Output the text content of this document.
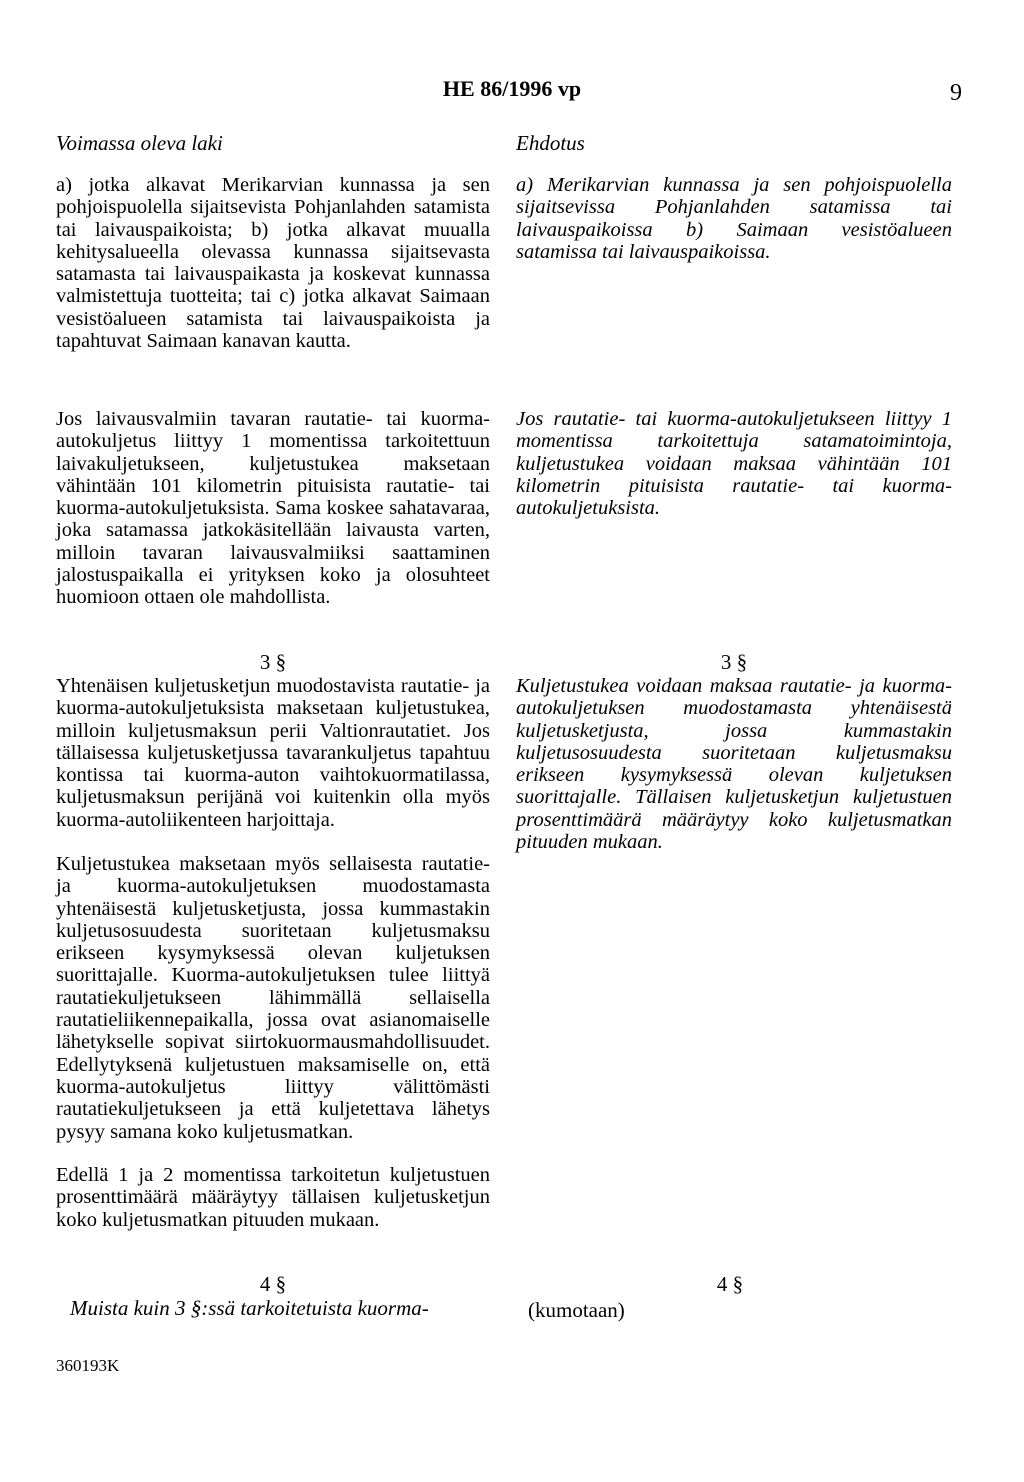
HE 86/1996 vp	9
Voimassa oleva laki	Ehdotus

a) jotka alkavat Merikarvian kunnassa ja sen pohjoispuolella sijaitsevista Pohjanlahden satamista tai laivauspaikoista; b) jotka alkavat muualla kehitysalueella olevassa kunnassa sijaitsevasta satamasta tai laivauspaikasta ja koskevat kunnassa valmistettuja tuotteita; tai c) jotka alkavat Saimaan vesistöalueen satamista tai laivauspaikoista ja tapahtuvat Saimaan kanavan kautta.

a) Merikarvian kunnassa ja sen pohjoispuolella sijaitsevissa Pohjanlahden satamissa tai laivauspaikoissa b) Saimaan vesistöalueen satamissa tai laivauspaikoissa.

Jos laivausvalmiin tavaran rautatie- tai kuorma-autokuljetus liittyy 1 momentissa tarkoitettuun laivakuljetukseen, kuljetustukea maksetaan vähintään 101 kilometrin pituisista rautatie- tai kuorma-autokuljetuksista. Sama koskee sahatavaraa, joka satamassa jatkokäsitellään laivausta varten, milloin tavaran laivausvalmiiksi saattaminen jalostuspaikalla ei yrityksen koko ja olosuhteet huomioon ottaen ole mahdollista.

Jos rautatie- tai kuorma-autokuljetukseen liittyy 1 momentissa tarkoitettuja satamatoimintoja, kuljetustukea voidaan maksaa vähintään 101 kilometrin pituisista rautatie- tai kuorma-autokuljetuksista.

3 §	3 §

Yhtenäisen kuljetusketjun muodostavista rautatie- ja kuorma-autokuljetuksista maksetaan kuljetustukea, milloin kuljetusmaksun perii Valtionrautatiet. Jos tällaisessa kuljetusketjussa tavarankuljetus tapahtuu kontissa tai kuorma-auton vaihtokuormatilassa, kuljetusmaksun perijänä voi kuitenkin olla myös kuorma-autoliikenteen harjoittaja.

Kuljetustukea voidaan maksaa rautatie- ja kuorma-autokuljetuksen muodostamasta yhtenäisestä kuljetusketjusta, jossa kummastakin kuljetusosuudesta suoritetaan kuljetusmaksu erikseen kysymyksessä olevan kuljetuksen suorittajalle. Tällaisen kuljetusketjun kuljetustuen prosenttimäärä määräytyy koko kuljetusmatkan pituuden mukaan.

Kuljetustukea maksetaan myös sellaisesta rautatie- ja kuorma-autokuljetuksen muodostamasta yhtenäisestä kuljetusketjusta, jossa kummastakin kuljetusosuudesta suoritetaan kuljetusmaksu erikseen kysymyksessä olevan kuljetuksen suorittajalle. Kuorma-autokuljetuksen tulee liittyä rautatiekuljetukseen lähimmällä sellaisella rautatieliikennepaikalla, jossa ovat asianomaiselle lähetykselle sopivat siirtokuormausmahdollisuudet. Edellytyksenä kuljetustuen maksamiselle on, että kuorma-autokuljetus liittyy välittömästi rautatiekuljetukseen ja että kuljetettava lähetys pysyy samana koko kuljetusmatkan.

Edellä 1 ja 2 momentissa tarkoitetun kuljetustuen prosenttimäärä määräytyy tällaisen kuljetusketjun koko kuljetusmatkan pituuden mukaan.

4 §
Muista kuin 3 §:ssä tarkoitetuista kuorma-	(kumotaan)
4 §
360193K
